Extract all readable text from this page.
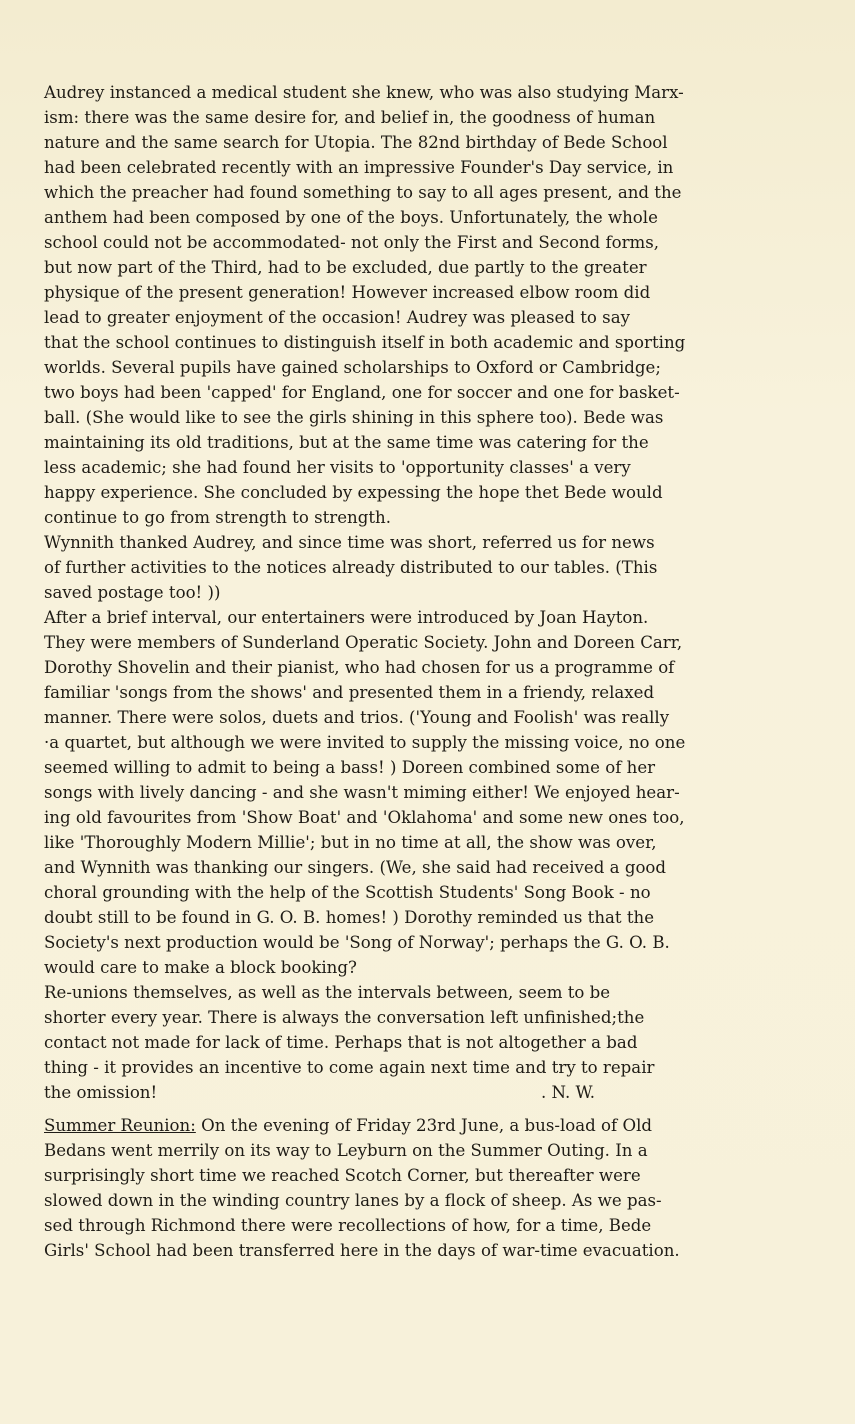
Audrey instanced a medical student she knew, who was also studying Marx-
ism: there was the same desire for, and belief in, the goodness of human
nature and the same search for Utopia. The 82nd birthday of Bede School
had been celebrated recently with an impressive Founder's Day service, in
which the preacher had found something to say to all ages present, and the
anthem had been composed by one of the boys. Unfortunately, the whole
school could not be accommodated- not only the First and Second forms,
but now part of the Third, had to be excluded, due partly to the greater
physique of the present generation! However increased elbow room did
lead to greater enjoyment of the occasion! Audrey was pleased to say
that the school continues to distinguish itself in both academic and sporting
worlds. Several pupils have gained scholarships to Oxford or Cambridge;
two boys had been 'capped' for England, one for soccer and one for basket-
ball. (She would like to see the girls shining in this sphere too). Bede was
maintaining its old traditions, but at the same time was catering for the
less academic; she had found her visits to 'opportunity classes' a very
happy experience. She concluded by expessing the hope thet Bede would
continue to go from strength to strength.
Wynnith thanked Audrey, and since time was short, referred us for news
of further activities to the notices already distributed to our tables. (This
saved postage too! ))
After a brief interval, our entertainers were introduced by Joan Hayton.
They were members of Sunderland Operatic Society. John and Doreen Carr,
Dorothy Shovelin and their pianist, who had chosen for us a programme of
familiar 'songs from the shows' and presented them in a friendy, relaxed
manner. There were solos, duets and trios. ('Young and Foolish' was really
·a quartet, but although we were invited to supply the missing voice, no one
seemed willing to admit to being a bass! ) Doreen combined some of her
songs with lively dancing - and she wasn't miming either! We enjoyed hear-
ing old favourites from 'Show Boat' and 'Oklahoma' and some new ones too,
like 'Thoroughly Modern Millie'; but in no time at all, the show was over,
and Wynnith was thanking our singers. (We, she said had received a good
choral grounding with the help of the Scottish Students' Song Book - no
doubt still to be found in G. O. B. homes! ) Dorothy reminded us that the
Society's next production would be 'Song of Norway'; perhaps the G. O. B.
would care to make a block booking?
Re-unions themselves, as well as the intervals between, seem to be
shorter every year. There is always the conversation left unfinished;the
contact not made for lack of time. Perhaps that is not altogether a bad
thing - it provides an incentive to come again next time and try to repair
the omission!	. N. W.
Summer Reunion: On the evening of Friday 23rd June, a bus-load of Old
Bedans went merrily on its way to Leyburn on the Summer Outing. In a
surprisingly short time we reached Scotch Corner, but thereafter were
slowed down in the winding country lanes by a flock of sheep. As we pas-
sed through Richmond there were recollections of how, for a time, Bede
Girls' School had been transferred here in the days of war-time evacuation.
